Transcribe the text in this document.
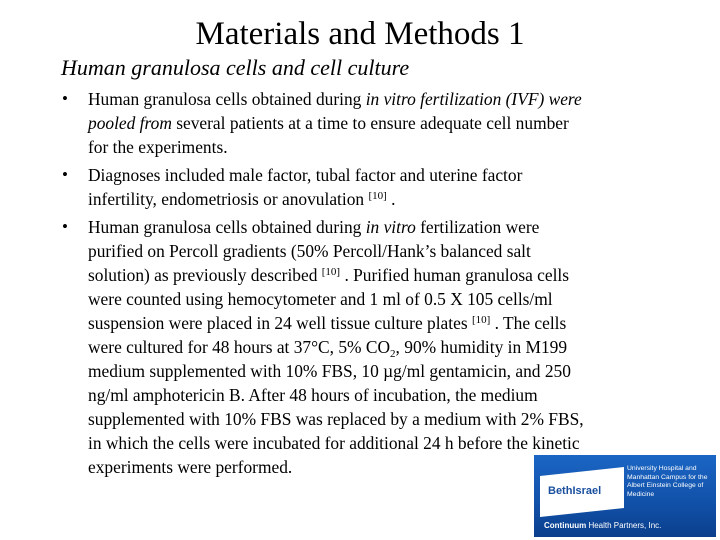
Materials and Methods 1
Human granulosa cells and cell culture
• Human granulosa cells obtained during in vitro fertilization (IVF) were
pooled from several patients at a time to ensure adequate cell number
for the experiments.
• Diagnoses included male factor, tubal factor and uterine factor
infertility, endometriosis or anovulation [10] .
• Human granulosa cells obtained during in vitro fertilization were
purified on Percoll gradients (50% Percoll/Hank’s balanced salt
solution) as previously described [10] . Purified human granulosa cells
were counted using hemocytometer and 1 ml of 0.5 X 105 cells/ml
suspension were placed in 24 well tissue culture plates [10] . The cells
were cultured for 48 hours at 37°C, 5% $CO_2$, 90% humidity in M199
medium supplemented with 10% FBS, 10 µg/ml gentamicin, and 250
ng/ml amphotericin B. After 48 hours of incubation, the medium
supplemented with 10% FBS was replaced by a medium with 2% FBS,
in which the cells were incubated for additional 24 h before the kinetic
experiments were performed.
BethIsrael
University Hospital and Manhattan Campus for the Albert Einstein College of Medicine
Continuum Health Partners, Inc.
